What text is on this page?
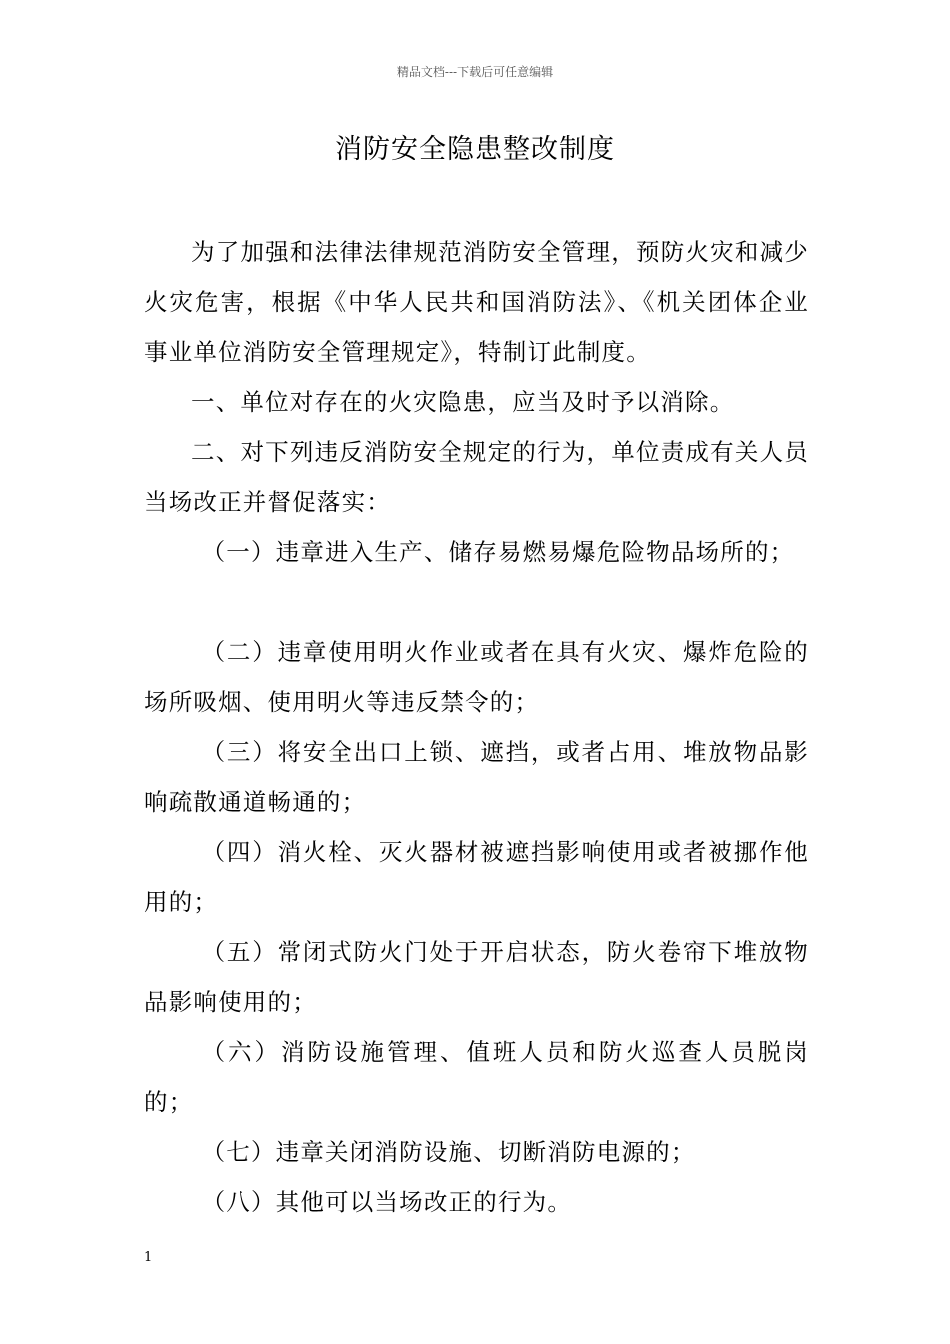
精品文档---下载后可任意编辑
消防安全隐患整改制度

为了加强和法律法律规范消防安全管理，预防火灾和减少火灾危害，根据《中华人民共和国消防法》、《机关团体企业事业单位消防安全管理规定》，特制订此制度。

一、单位对存在的火灾隐患，应当及时予以消除。

二、对下列违反消防安全规定的行为，单位责成有关人员当场改正并督促落实：

（一）违章进入生产、储存易燃易爆危险物品场所的；

（二）违章使用明火作业或者在具有火灾、爆炸危险的场所吸烟、使用明火等违反禁令的；

（三）将安全出口上锁、遮挡，或者占用、堆放物品影响疏散通道畅通的；

（四）消火栓、灭火器材被遮挡影响使用或者被挪作他用的；

（五）常闭式防火门处于开启状态，防火卷帘下堆放物品影响使用的；

（六）消防设施管理、值班人员和防火巡查人员脱岗的；

（七）违章关闭消防设施、切断消防电源的；

（八）其他可以当场改正的行为。

1
